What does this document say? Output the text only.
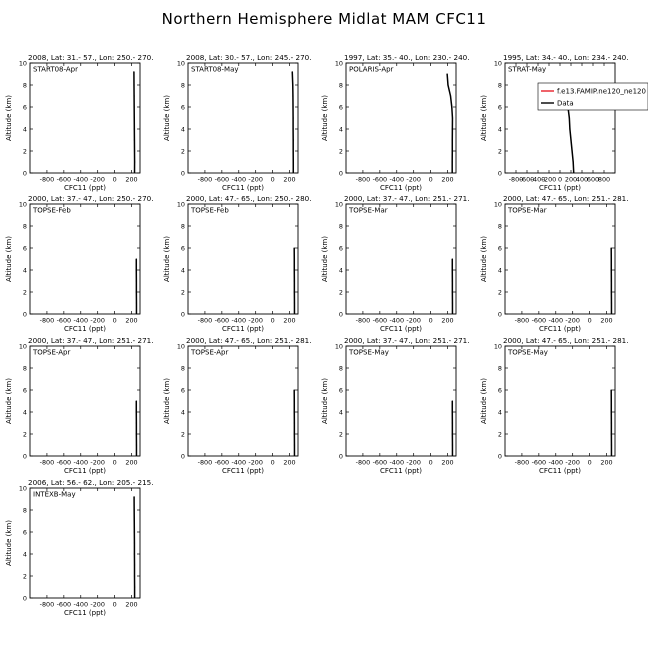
Northern Hemisphere Midlat MAM CFC11
2008, Lat: 31.- 57., Lon: 250.- 270.
-800 -600 -400 -200 0 200
0
2
4
6
8
10
CFC11 (ppt)
Altitude (km)
START08-Apr
2008, Lat: 30.- 57., Lon: 245.- 270.
-800 -600 -400 -200 0 200
0
2
4
6
8
10
CFC11 (ppt)
Altitude (km)
START08-May
1997, Lat: 35.- 40., Lon: 230.- 240.
-800 -600 -400 -200 0 200
0
2
4
6
8
10
CFC11 (ppt)
Altitude (km)
POLARIS-Apr
1995, Lat: 34.- 40., Lon: 234.- 240.
-800
-600
-400
-200 0 200
400
600
800
0
2
4
6
8
10
CFC11 (ppt)
Altitude (km)
STRAT-May
f.e13.FAMIP.ne120_ne120
Data
2000, Lat: 37.- 47., Lon: 250.- 270.
-800 -600 -400 -200 0 200
0
2
4
6
8
10
CFC11 (ppt)
Altitude (km)
TOPSE-Feb
2000, Lat: 47.- 65., Lon: 250.- 280.
-800 -600 -400 -200 0 200
0
2
4
6
8
10
CFC11 (ppt)
Altitude (km)
TOPSE-Feb
2000, Lat: 37.- 47., Lon: 251.- 271.
-800 -600 -400 -200 0 200
0
2
4
6
8
10
CFC11 (ppt)
Altitude (km)
TOPSE-Mar
2000, Lat: 47.- 65., Lon: 251.- 281.
-800 -600 -400 -200 0 200
0
2
4
6
8
10
CFC11 (ppt)
Altitude (km)
TOPSE-Mar
2000, Lat: 37.- 47., Lon: 251.- 271.
-800 -600 -400 -200 0 200
0
2
4
6
8
10
CFC11 (ppt)
Altitude (km)
TOPSE-Apr
2000, Lat: 47.- 65., Lon: 251.- 281.
-800 -600 -400 -200 0 200
0
2
4
6
8
10
CFC11 (ppt)
Altitude (km)
TOPSE-Apr
2000, Lat: 37.- 47., Lon: 251.- 271.
-800 -600 -400 -200 0 200
0
2
4
6
8
10
CFC11 (ppt)
Altitude (km)
TOPSE-May
2000, Lat: 47.- 65., Lon: 251.- 281.
-800 -600 -400 -200 0 200
0
2
4
6
8
10
CFC11 (ppt)
Altitude (km)
TOPSE-May
2006, Lat: 56.- 62., Lon: 205.- 215.
-800 -600 -400 -200 0 200
0
2
4
6
8
10
CFC11 (ppt)
Altitude (km)
INTEXB-May
